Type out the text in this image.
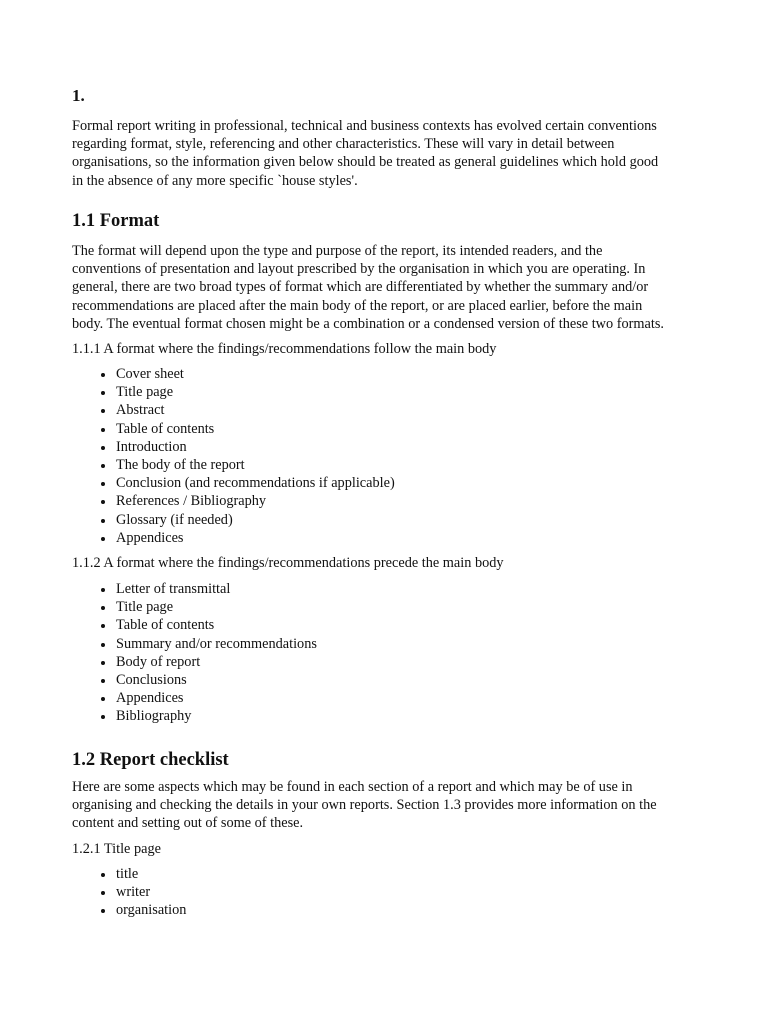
1.
Formal report writing in professional, technical and business contexts has evolved certain conventions
regarding format, style, referencing and other characteristics. These will vary in detail between
organisations, so the information given below should be treated as general guidelines which hold good
in the absence of any more specific `house styles'.
1.1 Format
The format will depend upon the type and purpose of the report, its intended readers, and the
conventions of presentation and layout prescribed by the organisation in which you are operating. In
general, there are two broad types of format which are differentiated by whether the summary and/or
recommendations are placed after the main body of the report, or are placed earlier, before the main
body. The eventual format chosen might be a combination or a condensed version of these two formats.
1.1.1 A format where the findings/recommendations follow the main body
Cover sheet
Title page
Abstract
Table of contents
Introduction
The body of the report
Conclusion (and recommendations if applicable)
References / Bibliography
Glossary (if needed)
Appendices
1.1.2 A format where the findings/recommendations precede the main body
Letter of transmittal
Title page
Table of contents
Summary and/or recommendations
Body of report
Conclusions
Appendices
Bibliography
1.2 Report checklist
Here are some aspects which may be found in each section of a report and which may be of use in
organising and checking the details in your own reports. Section 1.3 provides more information on the
content and setting out of some of these.
1.2.1 Title page
title
writer
organisation
